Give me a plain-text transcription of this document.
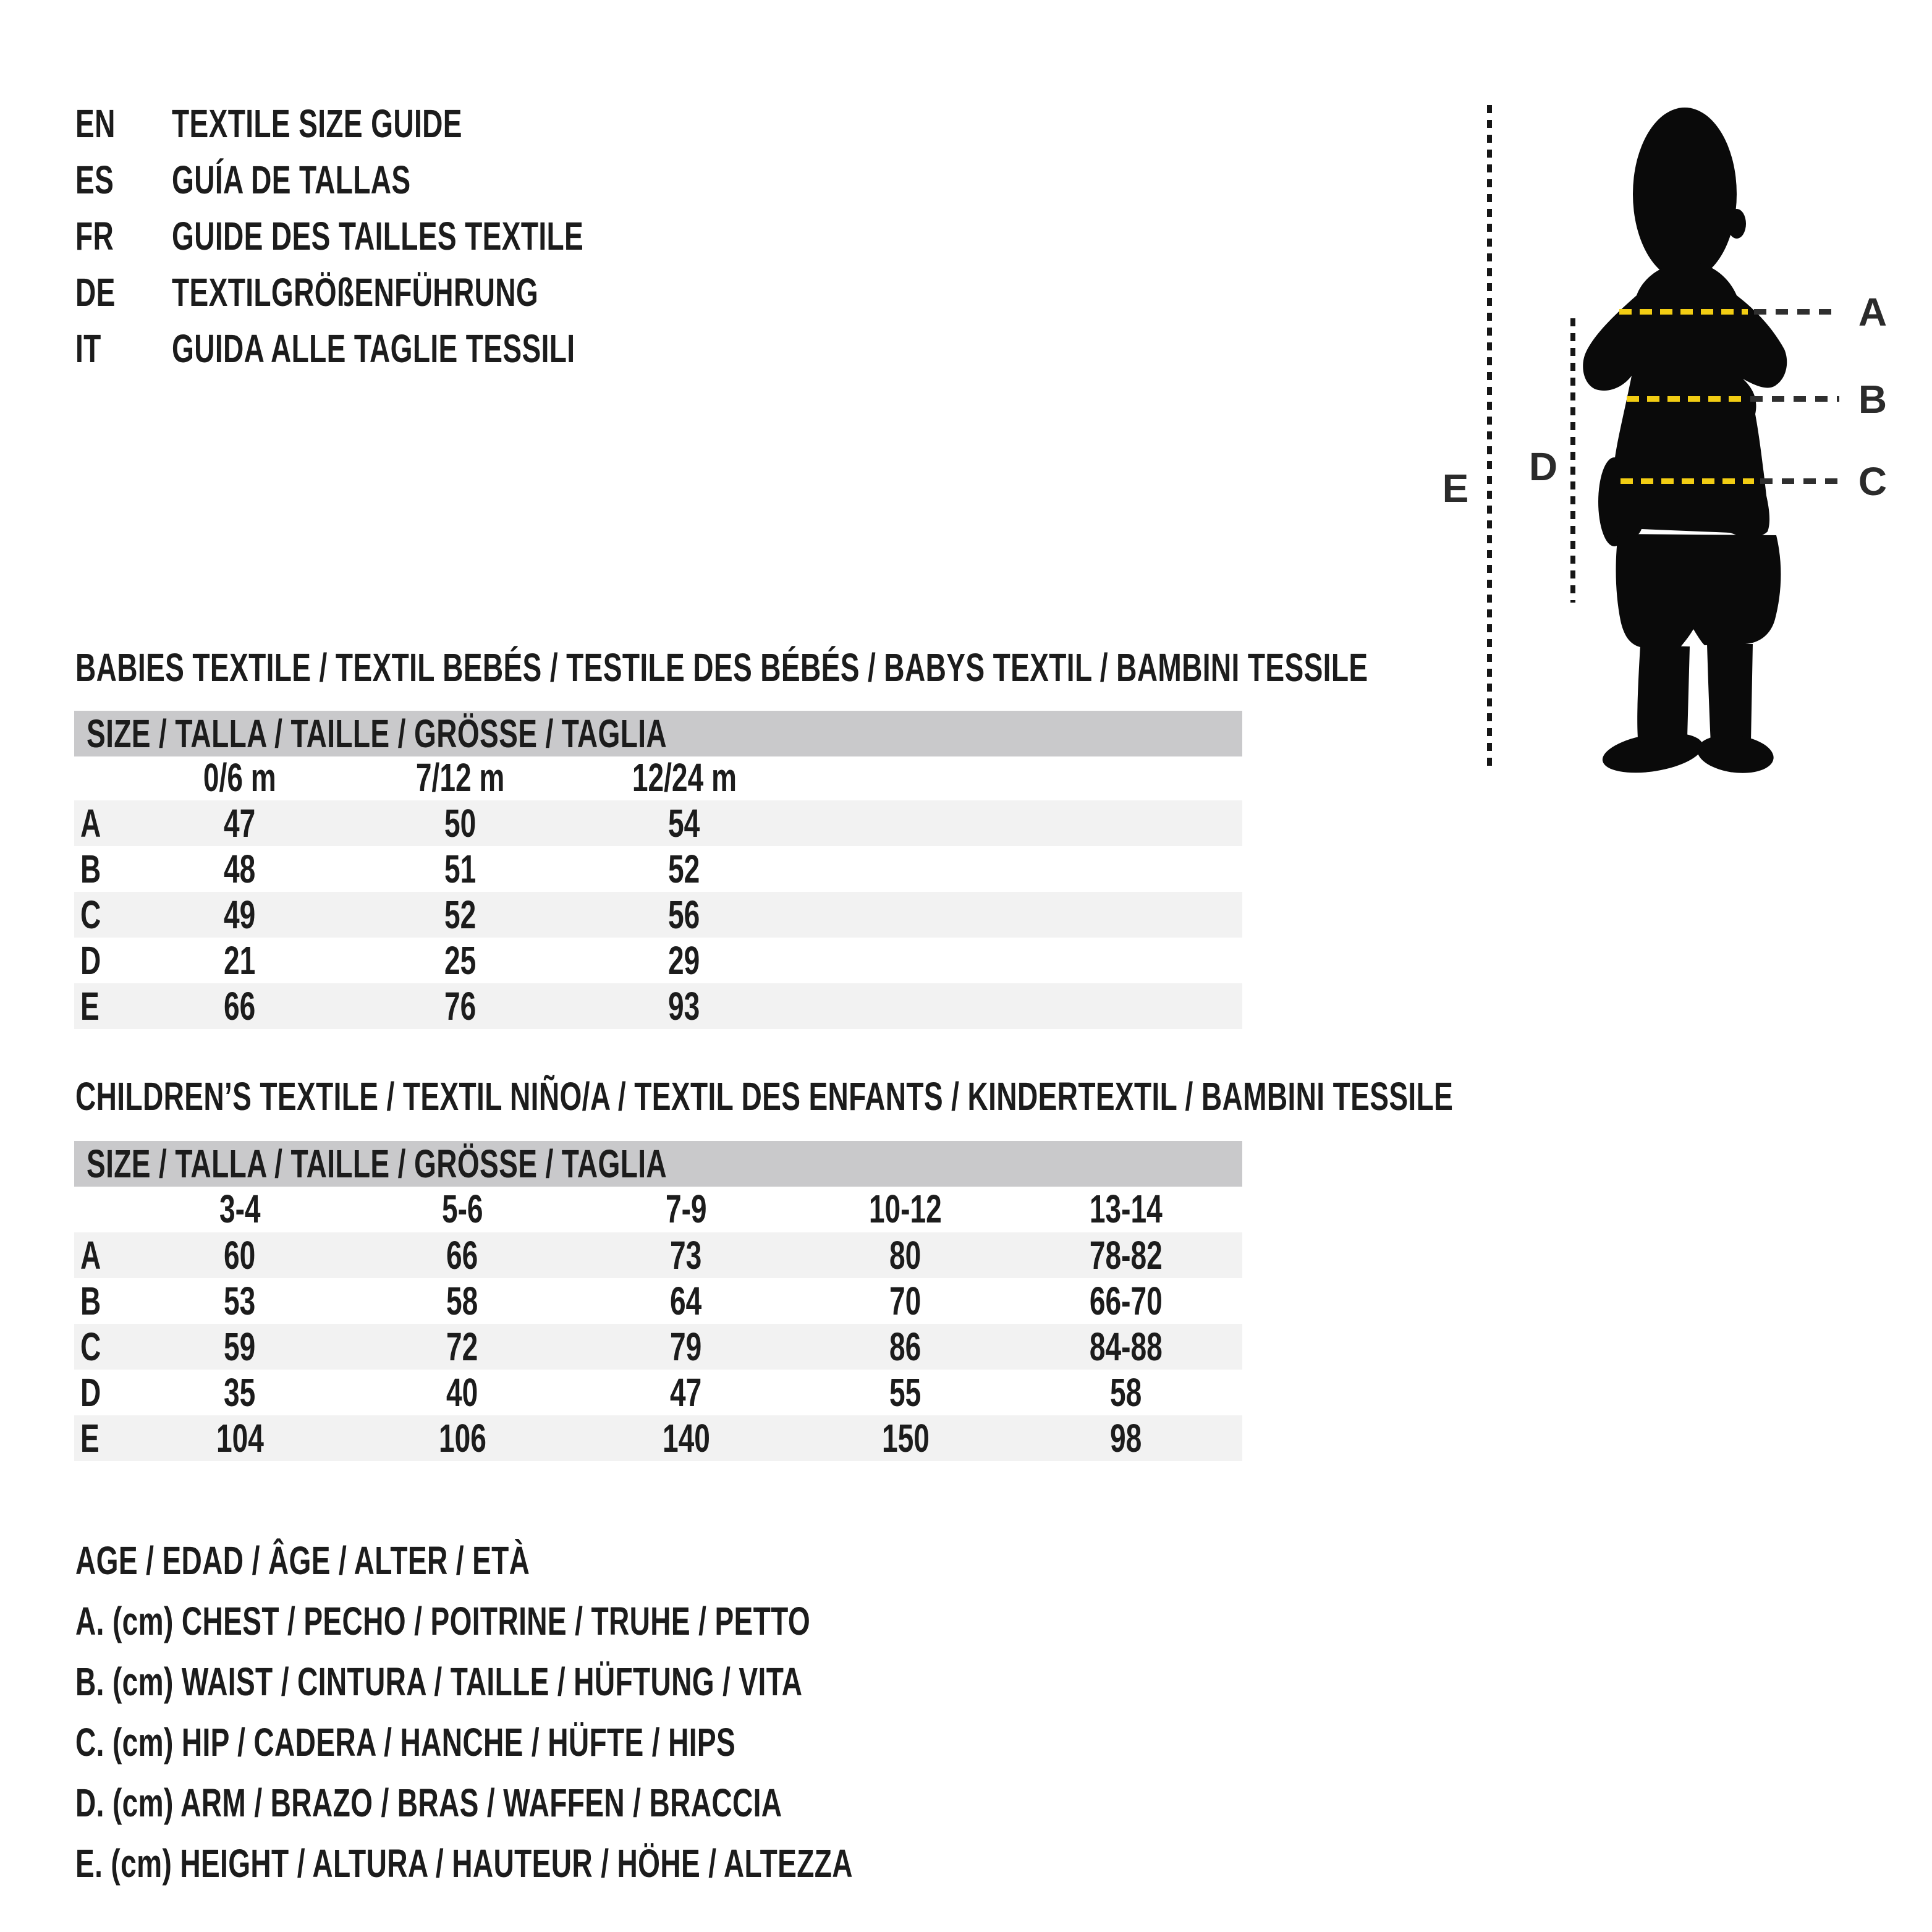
EN	TEXTILE SIZE GUIDE
ES	GUÍA DE TALLAS
FR	GUIDE DES TAILLES TEXTILE
DE	TEXTILGRÖßENFÜHRUNG
IT GUIDA ALLE TAGLIE TESSILI
E D
A
B
C
BABIES TEXTILE / TEXTIL BEBÉS / TESTILE DES BÉBÉS / BABYS TEXTIL / BAMBINI TESSILE
SIZE / TALLA / TAILLE / GRÖSSE / TAGLIA
0/6 m	7/12 m	12/24 m
A	47	50	54
B	48	51	52
C	49	52	56
D	21	25	29
E	66	76	93
CHILDREN’S TEXTILE / TEXTIL NIÑO/A / TEXTIL DES ENFANTS / KINDERTEXTIL / BAMBINI TESSILE
SIZE / TALLA / TAILLE / GRÖSSE / TAGLIA
3-4	5-6	7-9	10-12	13-14
A	60	66	73	80	78-82
B	53	58	64	70	66-70
C	59	72	79	86	84-88
D	35	40	47	55	58
E	104	106	140	150	98
AGE / EDAD / ÂGE / ALTER / ETÀ
A. (cm) CHEST / PECHO / POITRINE / TRUHE / PETTO
B. (cm) WAIST / CINTURA / TAILLE / HÜFTUNG / VITA
C. (cm) HIP / CADERA / HANCHE / HÜFTE / HIPS
D. (cm) ARM / BRAZO / BRAS / WAFFEN / BRACCIA
E. (cm) HEIGHT / ALTURA / HAUTEUR / HÖHE / ALTEZZA
